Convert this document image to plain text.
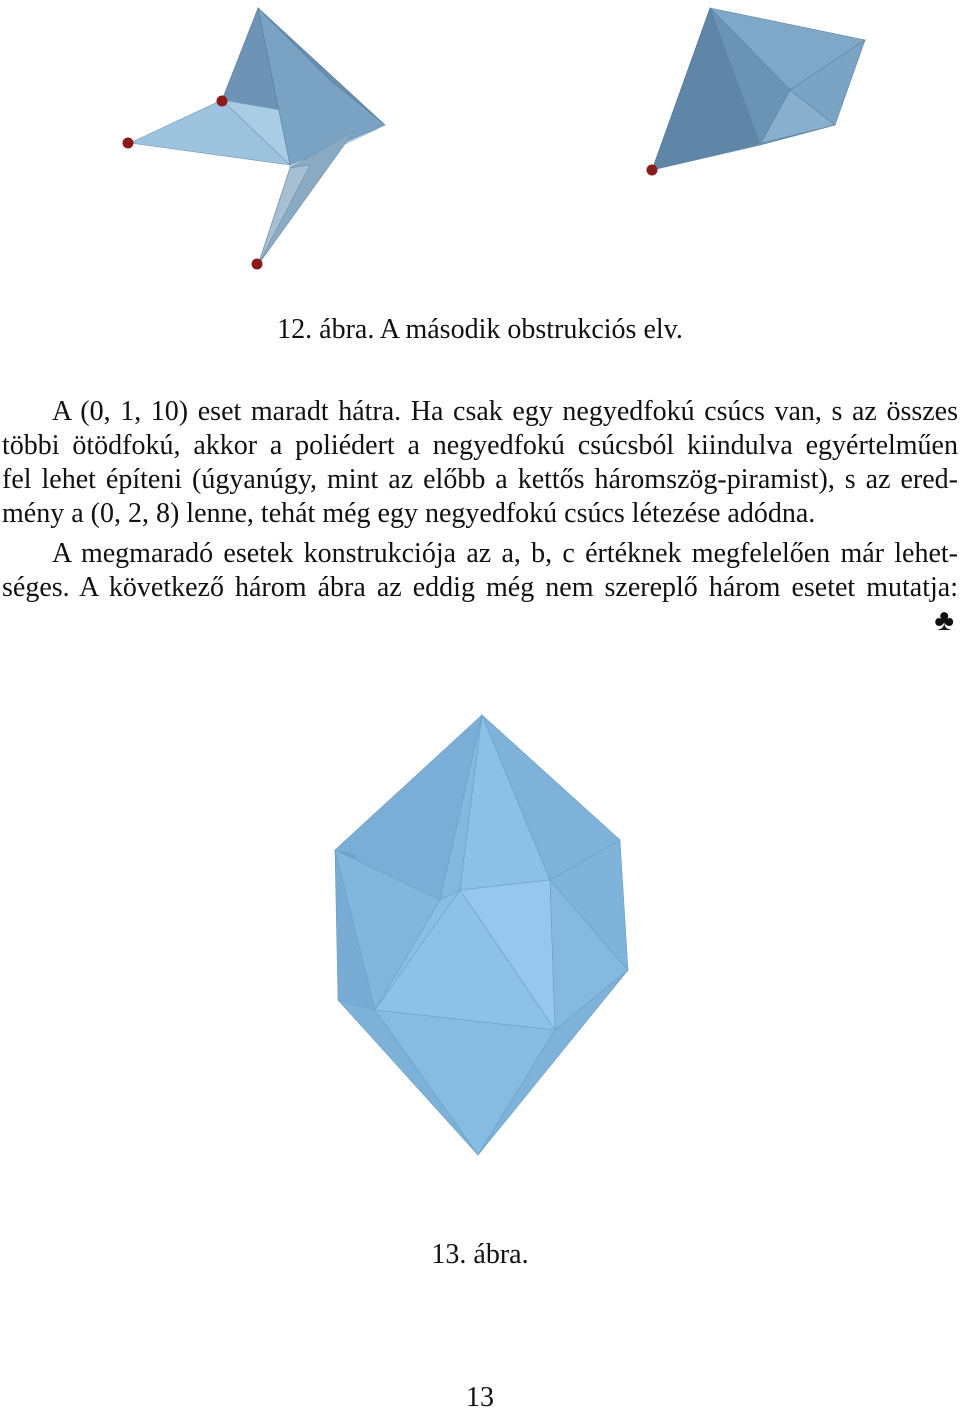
12. ábra. A második obstrukciós elv.
A (0, 1, 10) eset maradt hátra. Ha csak egy negyedfokú csúcs van, s az összes
többi ötödfokú, akkor a poliédert a negyedfokú csúcsból kiindulva egyértelműen
fel lehet építeni (úgyanúgy, mint az előbb a kettős háromszög-piramist), s az ered-
mény a (0, 2, 8) lenne, tehát még egy negyedfokú csúcs létezése adódna.
A megmaradó esetek konstrukciója az a, b, c értéknek megfelelően már lehet-
séges. A következő három ábra az eddig még nem szereplő három esetet mutatja:
♣
13. ábra.
13
